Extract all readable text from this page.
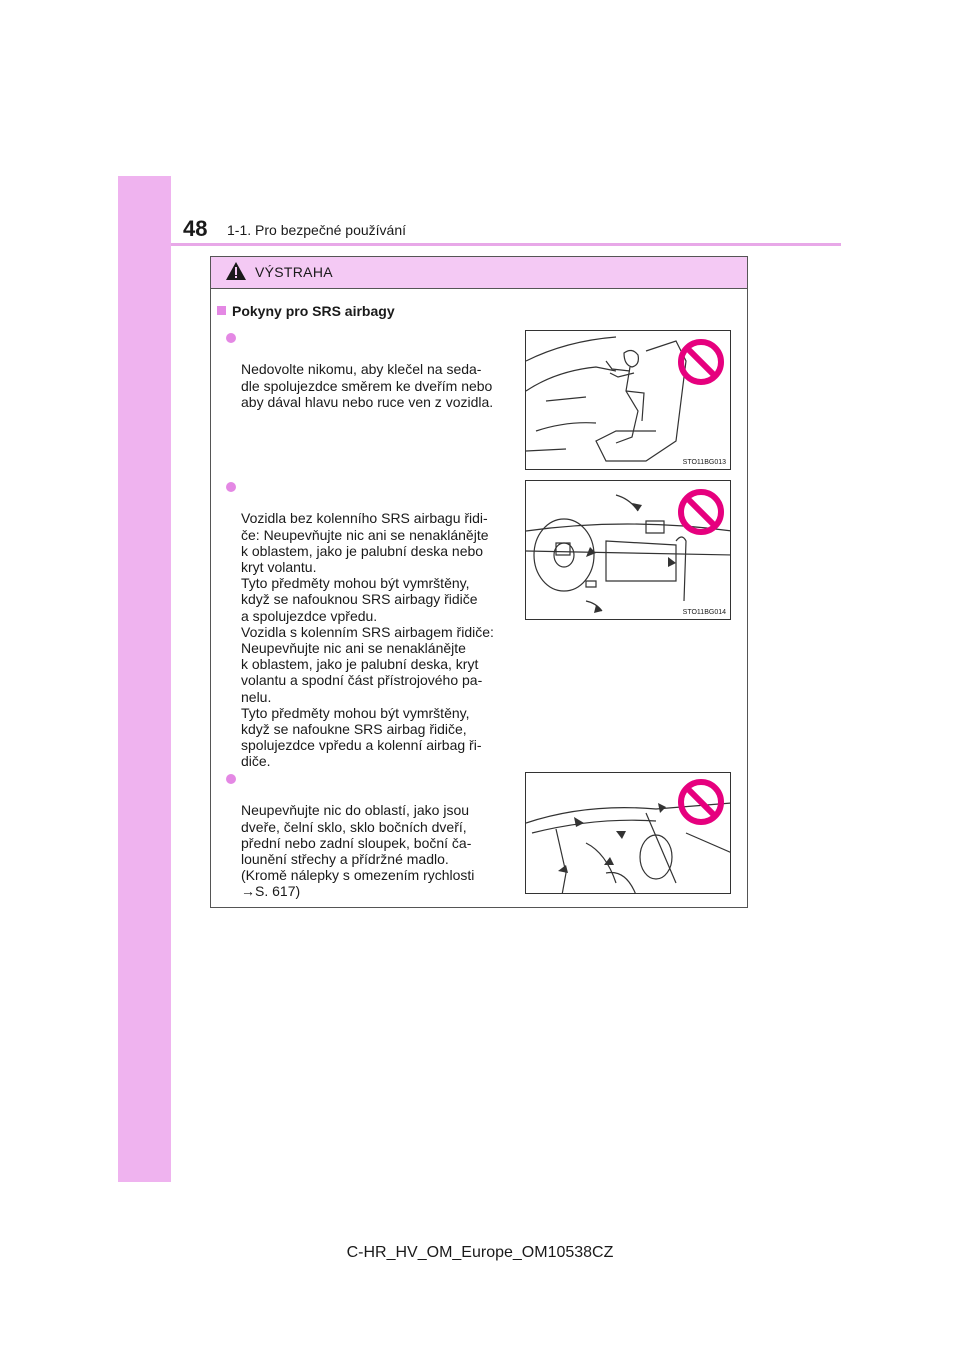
48 1-1. Pro bezpečné používání
VÝSTRAHA
Pokyny pro SRS airbagy

Nedovolte nikomu, aby klečel na seda-
dle spolujezdce směrem ke dveřím nebo
aby dával hlavu nebo ruce ven z vozidla.

STO11BG013

Vozidla bez kolenního SRS airbagu řidi-
če: Neupevňujte nic ani se nenaklánějte
k oblastem, jako je palubní deska nebo
kryt volantu.
Tyto předměty mohou být vymrštěny,
když se nafouknou SRS airbagy řidiče
a spolujezdce vpředu.
Vozidla s kolenním SRS airbagem řidiče:
Neupevňujte nic ani se nenaklánějte
k oblastem, jako je palubní deska, kryt
volantu a spodní část přístrojového pa-
nelu.
Tyto předměty mohou být vymrštěny,
když se nafoukne SRS airbag řidiče,
spolujezdce vpředu a kolenní airbag ři-
diče.

STO11BG014

Neupevňujte nic do oblastí, jako jsou
dveře, čelní sklo, sklo bočních dveří,
přední nebo zadní sloupek, boční ča-
lounění střechy a přídržné madlo.
(Kromě nálepky s omezením rychlosti
→S. 617)

C-HR_HV_OM_Europe_OM10538CZ
